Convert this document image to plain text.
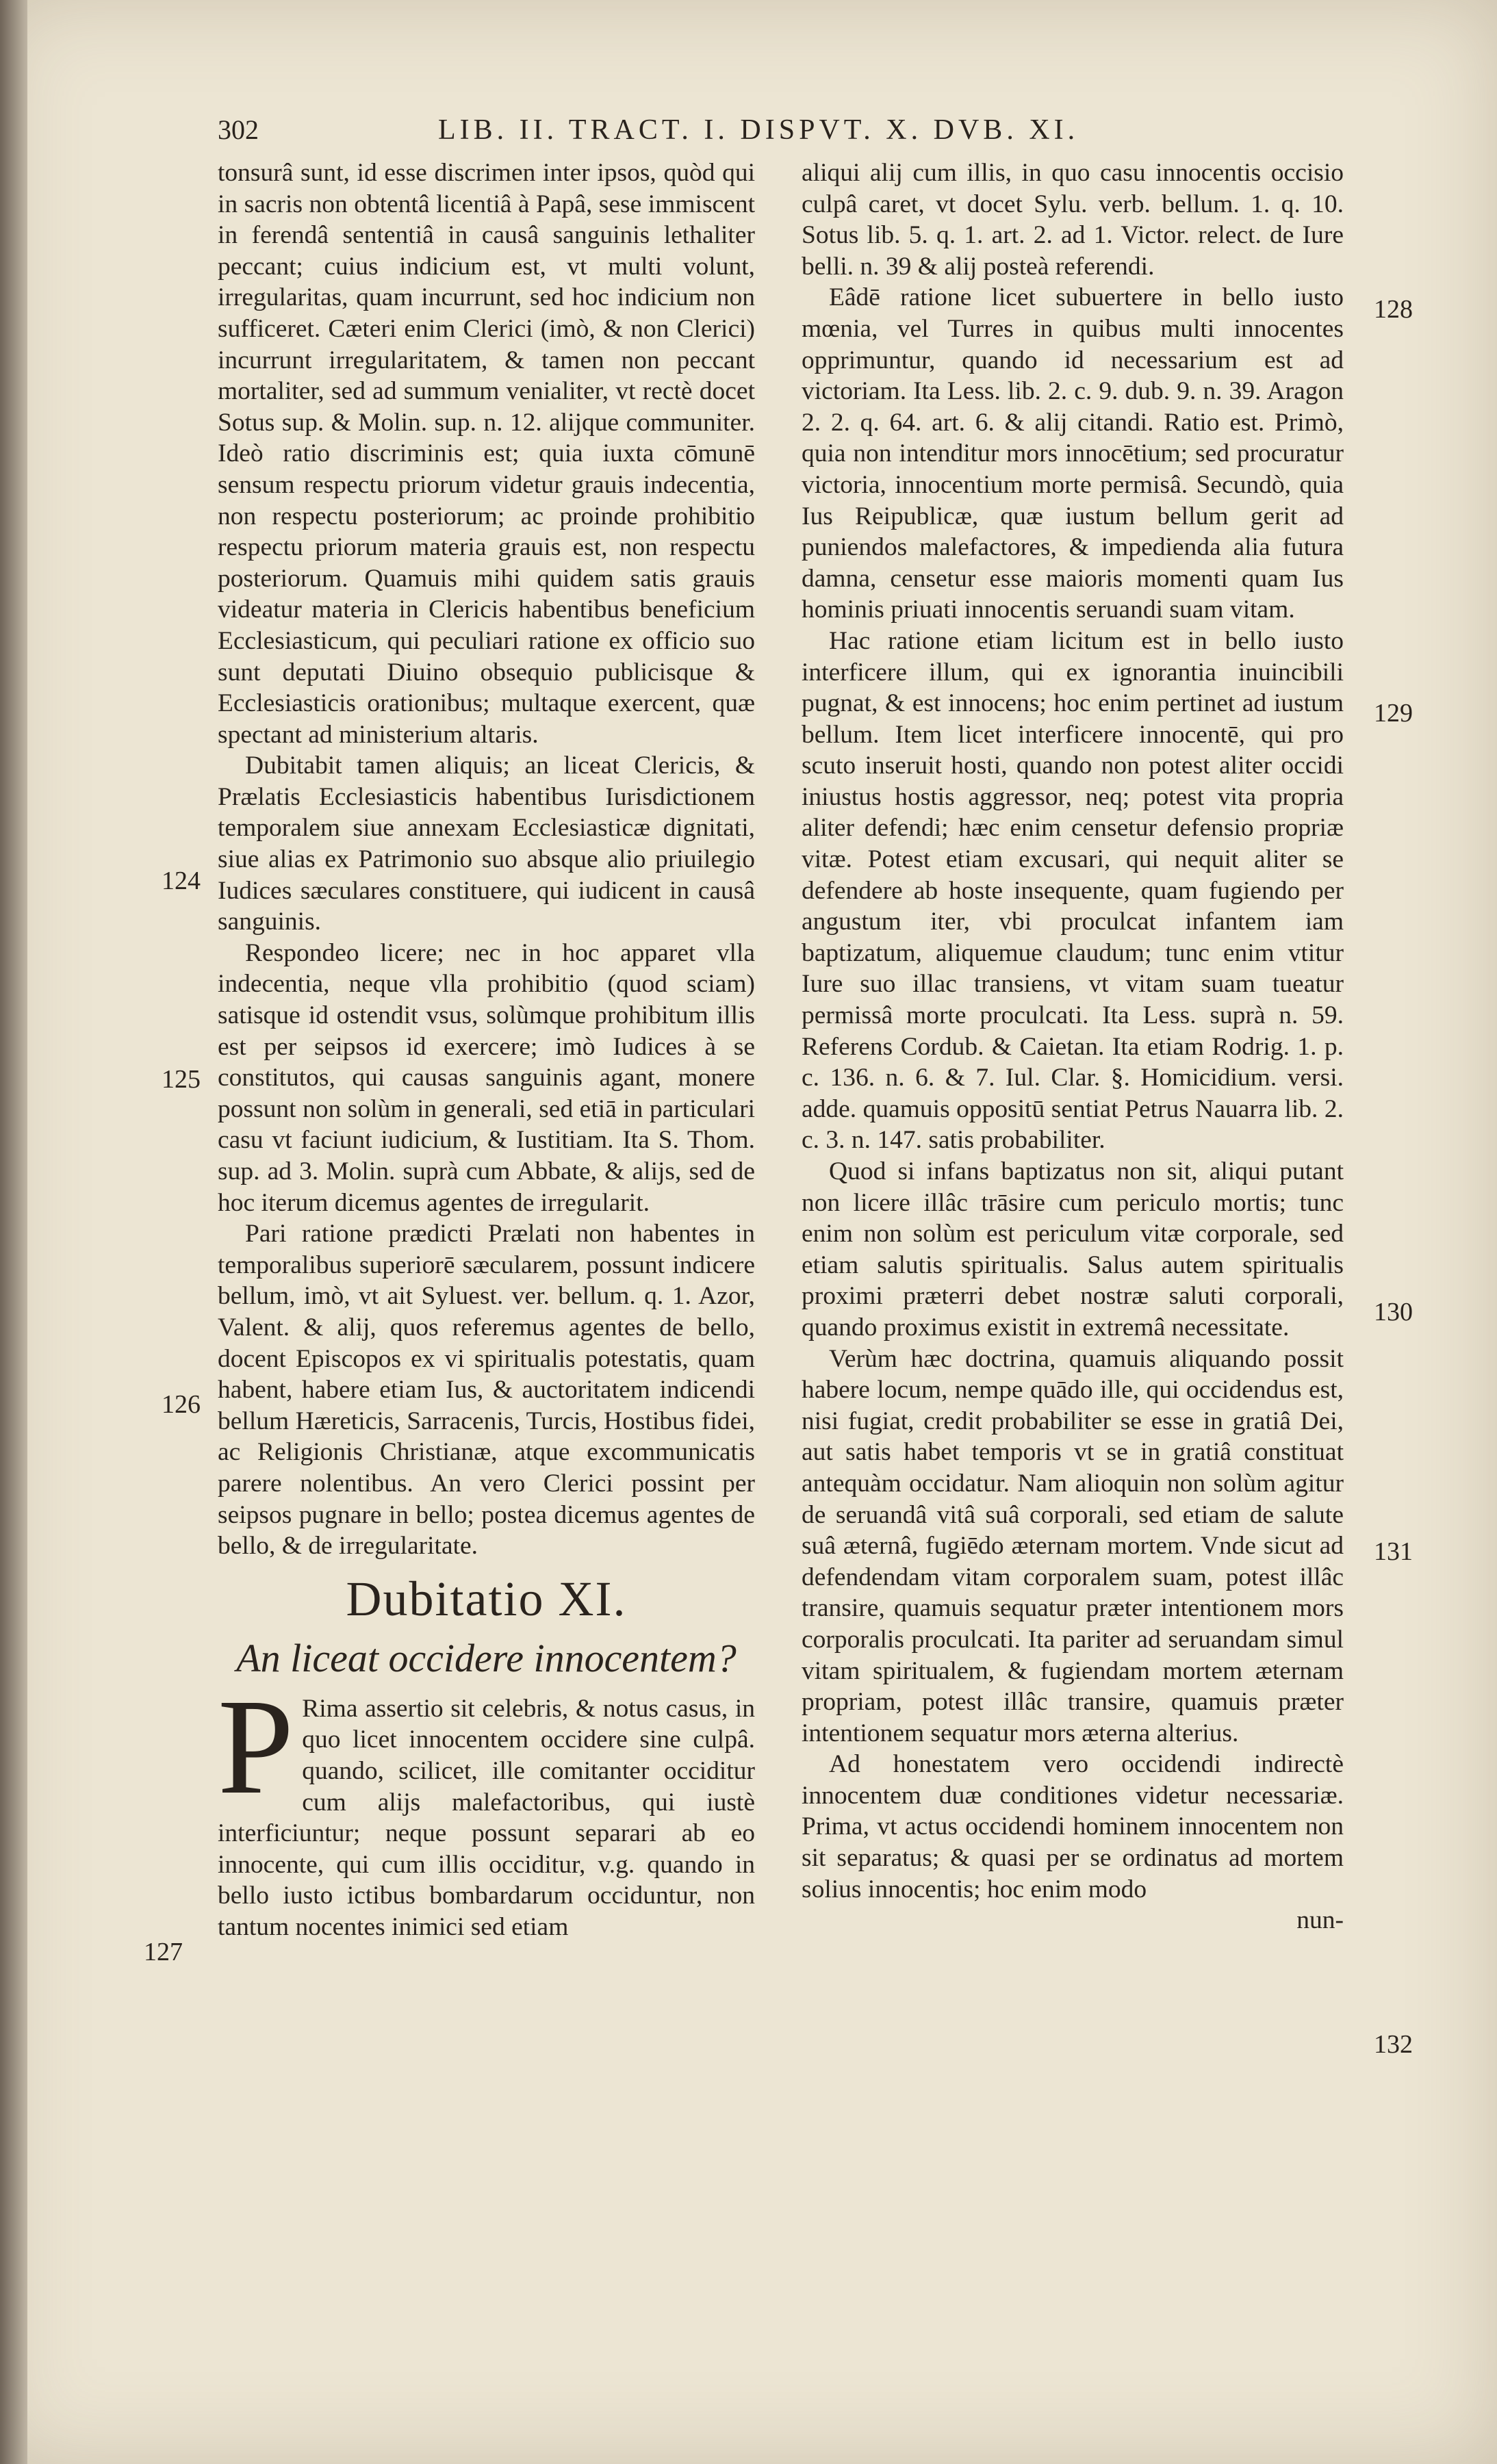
302	LIB. II. TRACT. I. DISPVT. X. DVB. XI.
124
125
126
127
128
129
130
131
132

tonsurâ sunt, id esse discrimen inter ipsos, quòd qui in sacris non obtentâ licentiâ à Papâ, sese immiscent in ferendâ sententiâ in causâ sanguinis lethaliter peccant; cuius indicium est, vt multi volunt, irregularitas, quam incurrunt, sed hoc indicium non sufficeret. Cæteri enim Clerici (imò, & non Clerici) incurrunt irregularitatem, & tamen non peccant mortaliter, sed ad summum venialiter, vt rectè docet Sotus sup. & Molin. sup. n. 12. alijque communiter. Ideò ratio discriminis est; quia iuxta cōmunē sensum respectu priorum videtur grauis indecentia, non respectu posteriorum; ac proinde prohibitio respectu priorum materia grauis est, non respectu posteriorum. Quamuis mihi quidem satis grauis videatur materia in Clericis habentibus beneficium Ecclesiasticum, qui peculiari ratione ex officio suo sunt deputati Diuino obsequio publicisque & Ecclesiasticis orationibus; multaque exercent, quæ spectant ad ministerium altaris.

Dubitabit tamen aliquis; an liceat Clericis, & Prælatis Ecclesiasticis habentibus Iurisdictionem temporalem siue annexam Ecclesiasticæ dignitati, siue alias ex Patrimonio suo absque alio priuilegio Iudices sæculares constituere, qui iudicent in causâ sanguinis.

Respondeo licere; nec in hoc apparet vlla indecentia, neque vlla prohibitio (quod sciam) satisque id ostendit vsus, solùmque prohibitum illis est per seipsos id exercere; imò Iudices à se constitutos, qui causas sanguinis agant, monere possunt non solùm in generali, sed etiā in particulari casu vt faciunt iudicium, & Iustitiam. Ita S. Thom. sup. ad 3. Molin. suprà cum Abbate, & alijs, sed de hoc iterum dicemus agentes de irregularit.

Pari ratione prædicti Prælati non habentes in temporalibus superiorē sæcularem, possunt indicere bellum, imò, vt ait Syluest. ver. bellum. q. 1. Azor, Valent. & alij, quos referemus agentes de bello, docent Episcopos ex vi spiritualis potestatis, quam habent, habere etiam Ius, & auctoritatem indicendi bellum Hæreticis, Sarracenis, Turcis, Hostibus fidei, ac Religionis Christianæ, atque excommunicatis parere nolentibus. An vero Clerici possint per seipsos pugnare in bello; postea dicemus agentes de bello, & de irregularitate.

Dubitatio XI.
An liceat occidere innocentem?

P Rima assertio sit celebris, & notus casus, in quo licet innocentem occidere sine culpâ. quando, scilicet, ille comitanter occiditur cum alijs malefactoribus, qui iustè interficiuntur; neque possunt separari ab eo innocente, qui cum illis occiditur, v.g. quando in bello iusto ictibus bombardarum occiduntur, non tantum nocentes inimici sed etiam

aliqui alij cum illis, in quo casu innocentis occisio culpâ caret, vt docet Sylu. verb. bellum. 1. q. 10. Sotus lib. 5. q. 1. art. 2. ad 1. Victor. relect. de Iure belli. n. 39 & alij posteà referendi.

Eâdē ratione licet subuertere in bello iusto mœnia, vel Turres in quibus multi innocentes opprimuntur, quando id necessarium est ad victoriam. Ita Less. lib. 2. c. 9. dub. 9. n. 39. Aragon 2. 2. q. 64. art. 6. & alij citandi. Ratio est. Primò, quia non intenditur mors innocētium; sed procuratur victoria, innocentium morte permisâ. Secundò, quia Ius Reipublicæ, quæ iustum bellum gerit ad puniendos malefactores, & impedienda alia futura damna, censetur esse maioris momenti quam Ius hominis priuati innocentis seruandi suam vitam.

Hac ratione etiam licitum est in bello iusto interficere illum, qui ex ignorantia inuincibili pugnat, & est innocens; hoc enim pertinet ad iustum bellum. Item licet interficere innocentē, qui pro scuto inseruit hosti, quando non potest aliter occidi iniustus hostis aggressor, neq; potest vita propria aliter defendi; hæc enim censetur defensio propriæ vitæ. Potest etiam excusari, qui nequit aliter se defendere ab hoste insequente, quam fugiendo per angustum iter, vbi proculcat infantem iam baptizatum, aliquemue claudum; tunc enim vtitur Iure suo illac transiens, vt vitam suam tueatur permissâ morte proculcati. Ita Less. suprà n. 59. Referens Cordub. & Caietan. Ita etiam Rodrig. 1. p. c. 136. n. 6. & 7. Iul. Clar. §. Homicidium. versi. adde. quamuis oppositū sentiat Petrus Nauarra lib. 2. c. 3. n. 147. satis probabiliter.

Quod si infans baptizatus non sit, aliqui putant non licere illâc trāsire cum periculo mortis; tunc enim non solùm est periculum vitæ corporale, sed etiam salutis spiritualis. Salus autem spiritualis proximi præterri debet nostræ saluti corporali, quando proximus existit in extremâ necessitate.

Verùm hæc doctrina, quamuis aliquando possit habere locum, nempe quādo ille, qui occidendus est, nisi fugiat, credit probabiliter se esse in gratiâ Dei, aut satis habet temporis vt se in gratiâ constituat antequàm occidatur. Nam alioquin non solùm agitur de seruandâ vitâ suâ corporali, sed etiam de salute suâ æternâ, fugiēdo æternam mortem. Vnde sicut ad defendendam vitam corporalem suam, potest illâc transire, quamuis sequatur præter intentionem mors corporalis proculcati. Ita pariter ad seruandam simul vitam spiritualem, & fugiendam mortem æternam propriam, potest illâc transire, quamuis præter intentionem sequatur mors æterna alterius.

Ad honestatem vero occidendi indirectè innocentem duæ conditiones videtur necessariæ. Prima, vt actus occidendi hominem innocentem non sit separatus; & quasi per se ordinatus ad mortem solius innocentis; hoc enim modo

nun-
